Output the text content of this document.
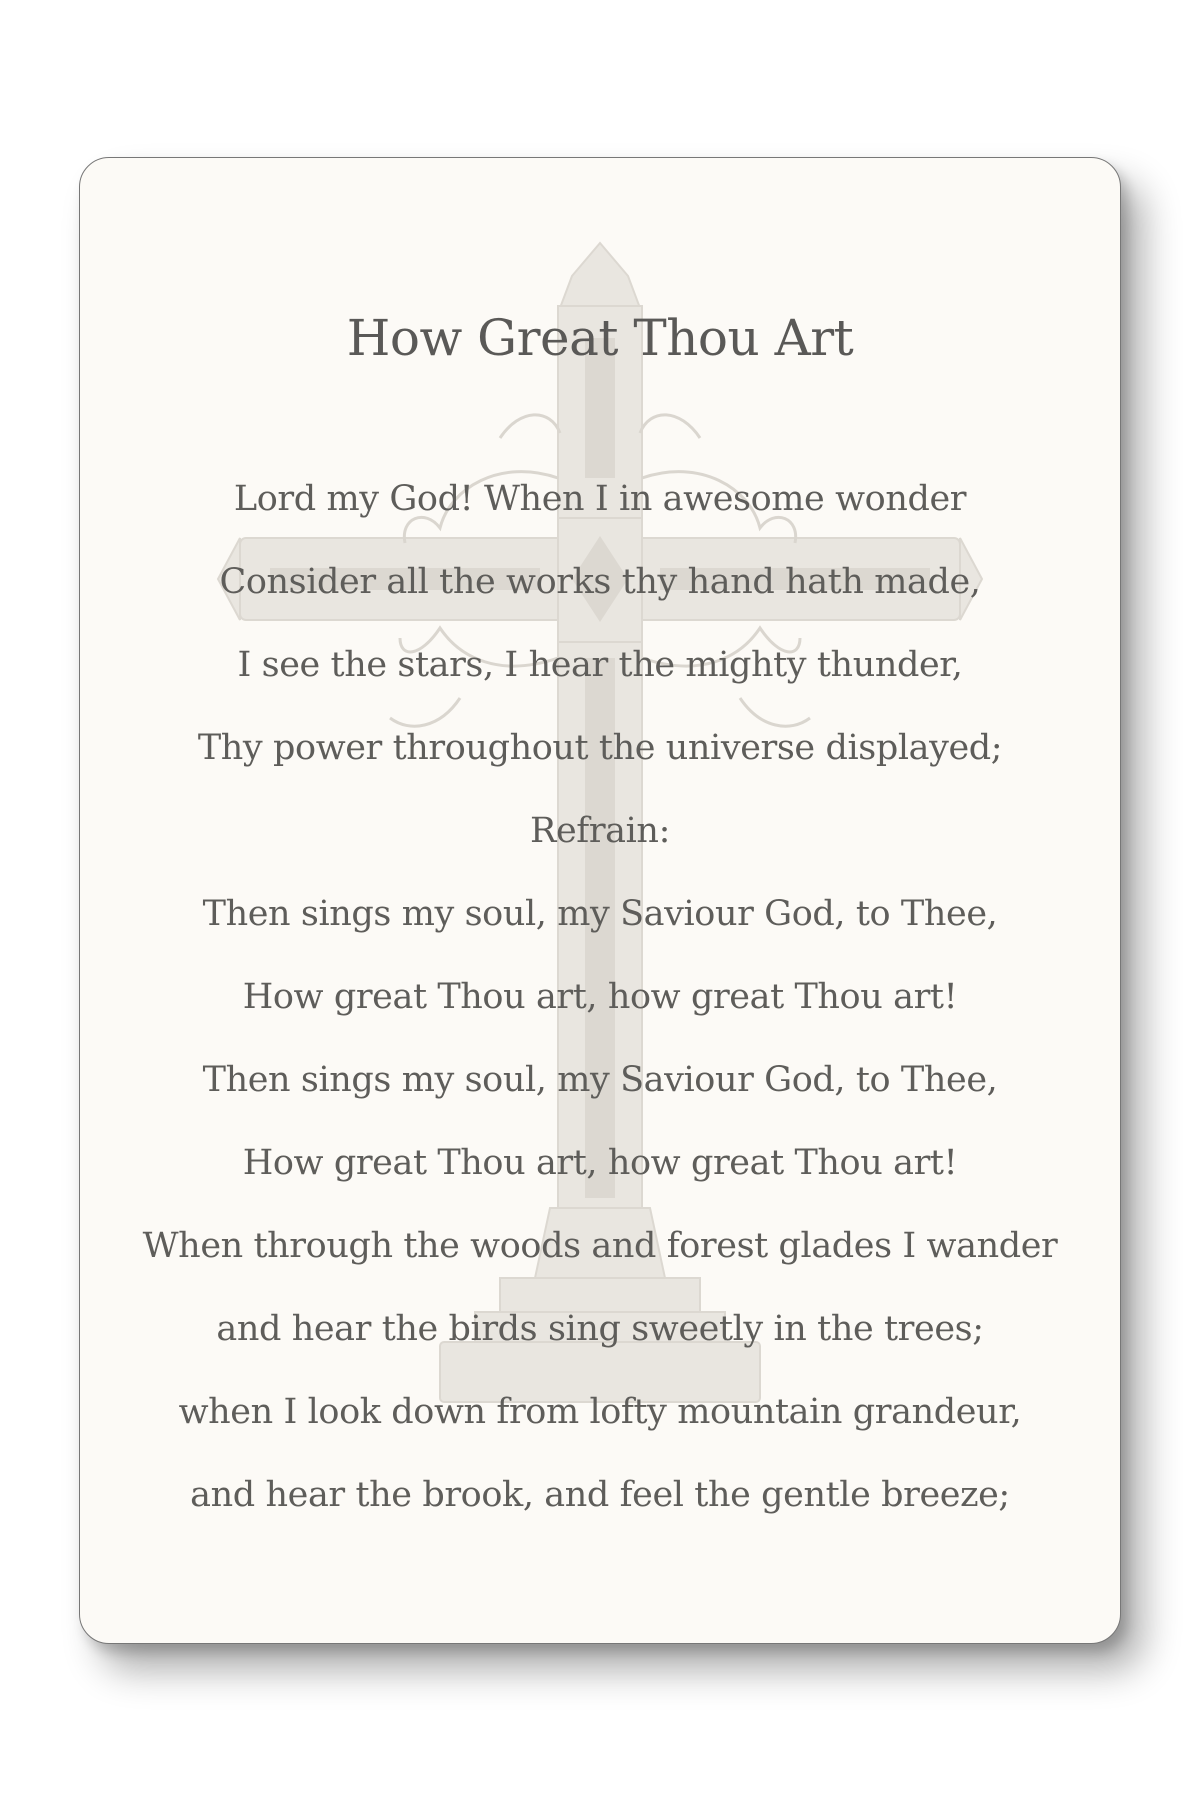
How Great Thou Art
Lord my God! When I in awesome wonder
Consider all the works thy hand hath made,
I see the stars, I hear the mighty thunder,
Thy power throughout the universe displayed;
Refrain:
Then sings my soul, my Saviour God, to Thee,
How great Thou art, how great Thou art!
Then sings my soul, my Saviour God, to Thee,
How great Thou art, how great Thou art!
When through the woods and forest glades I wander
and hear the birds sing sweetly in the trees;
when I look down from lofty mountain grandeur,
and hear the brook, and feel the gentle breeze;
